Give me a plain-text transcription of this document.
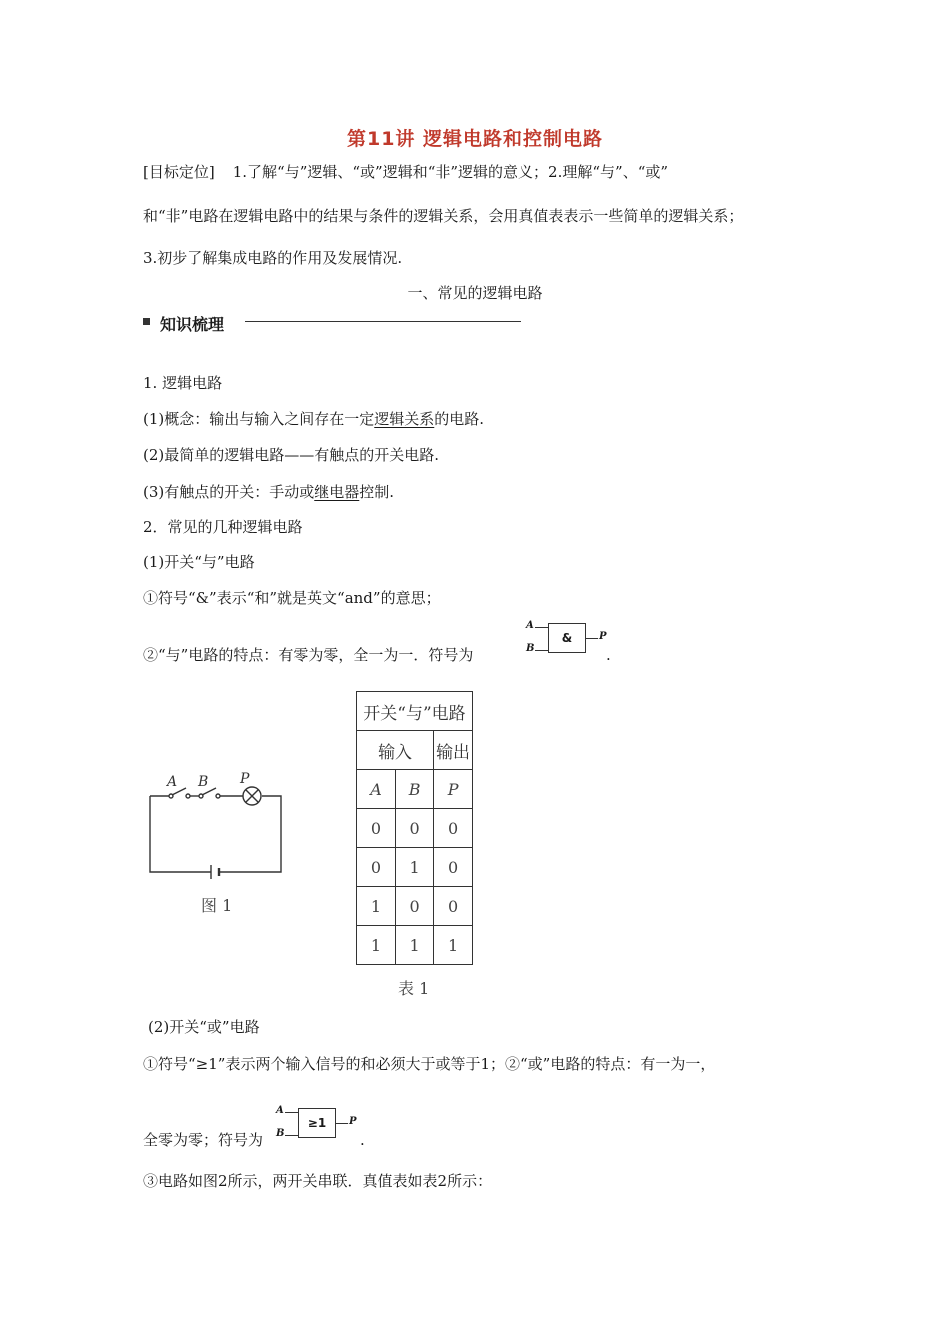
第11讲 逻辑电路和控制电路
[目标定位] 1.了解“与”逻辑、“或”逻辑和“非”逻辑的意义；2.理解“与”、“或”
和“非”电路在逻辑电路中的结果与条件的逻辑关系，会用真值表表示一些简单的逻辑关系；
3.初步了解集成电路的作用及发展情况.
一、常见的逻辑电路
知识梳理
1. 逻辑电路
(1)概念：输出与输入之间存在一定逻辑关系的电路.
(2)最简单的逻辑电路——有触点的开关电路.
(3)有触点的开关：手动或继电器控制.
2．常见的几种逻辑电路
(1)开关“与”电路
①符号“&”表示“和”就是英文“and”的意思；
②“与”电路的特点：有零为零，全一为一．符号为	.
A
B
&	P
A B P
图 1
开关“与”电路		
输入		输出
A	B	P
0	0	0
0	1	0
1	0	0
1	1	1
表 1
(2)开关“或”电路
①符号“≥1”表示两个输入信号的和必须大于或等于1；②“或”电路的特点：有一为一，
全零为零；符号为	.
A
B
≥1	P
③电路如图2所示，两开关串联．真值表如表2所示：
